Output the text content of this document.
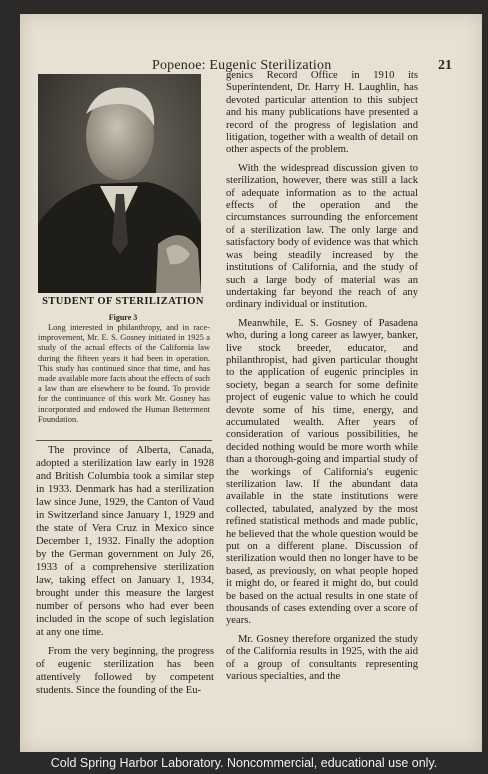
Popenoe: Eugenic Sterilization	21
STUDENT OF STERILIZATION
Figure 3
Long interested in philanthropy, and in race-improvement, Mr. E. S. Gosney initiated in 1925 a study of the actual effects of the California law during the fifteen years it had been in operation. This study has continued since that time, and has made available more facts about the effects of such a law than are elsewhere to be found. To provide for the continuance of this work Mr. Gosney has incorporated and endowed the Human Betterment Foundation.

The province of Alberta, Canada, adopted a sterilization law early in 1928 and British Columbia took a similar step in 1933. Denmark has had a sterilization law since June, 1929, the Canton of Vaud in Switzerland since January 1, 1929 and the state of Vera Cruz in Mexico since December 1, 1932. Finally the adoption by the German government on July 26, 1933 of a comprehensive sterilization law, taking effect on January 1, 1934, brought under this measure the largest number of persons who had ever been included in the scope of such legislation at any one time.

From the very beginning, the progress of eugenic sterilization has been attentively followed by competent students. Since the founding of the Eu-

genics Record Office in 1910 its Superintendent, Dr. Harry H. Laughlin, has devoted particular attention to this subject and his many publications have presented a record of the progress of legislation and litigation, together with a wealth of detail on other aspects of the problem.

With the widespread discussion given to sterilization, however, there was still a lack of adequate information as to the actual effects of the operation and the circumstances surrounding the enforcement of a sterilization law. The only large and satisfactory body of evidence was that which was being steadily increased by the institutions of California, and the study of such a large body of material was an undertaking far beyond the reach of any ordinary individual or institution.

Meanwhile, E. S. Gosney of Pasadena who, during a long career as lawyer, banker, live stock breeder, educator, and philanthropist, had given particular thought to the application of eugenic principles in society, began a search for some definite project of eugenic value to which he could devote some of his time, energy, and accumulated wealth. After years of consideration of various possibilities, he decided nothing would be more worth while than a thorough-going and impartial study of the workings of California's eugenic sterilization law. If the abundant data available in the state institutions were collected, tabulated, analyzed by the most refined statistical methods and made public, he believed that the whole question would be put on a different plane. Discussion of sterilization would then no longer have to be based, as previously, on what people hoped it might do, or feared it might do, but could be based on the actual results in one state of thousands of cases extending over a score of years.

Mr. Gosney therefore organized the study of the California results in 1925, with the aid of a group of consultants representing various specialties, and the

Cold Spring Harbor Laboratory. Noncommercial, educational use only.
